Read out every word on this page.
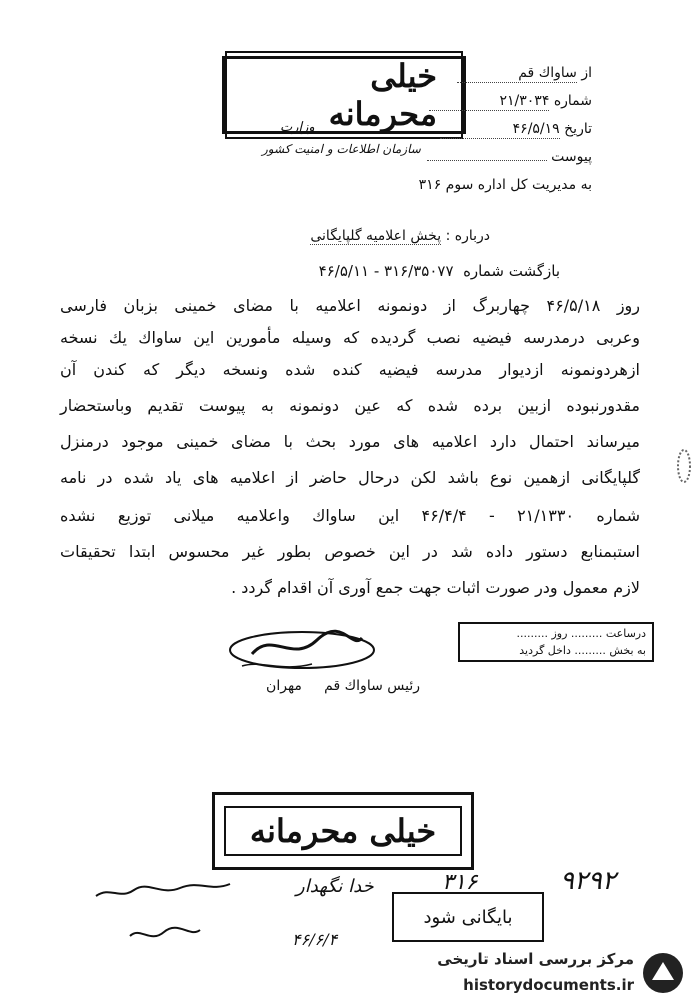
خيلى محرمانه
از ساواك قم
شماره ۲۱/۳۰۳۴
تاريخ ۴۶/۵/۱۹
پيوست
وزارت
سازمان اطلاعات و امنيت كشور
به مديريت كل اداره سوم ۳۱۶
درباره : پخش اعلاميه گلپايگانى
بازگشت شماره  ۳۱۶/۳۵۰۷۷ - ۴۶/۵/۱۱
روز ۴۶/۵/۱۸ چهاربرگ از دونمونه اعلاميه با مضاى خمينى بزبان فارسى
وعربى درمدرسه فيضيه نصب گرديده كه وسيله مأمورين اين ساواك يك نسخه
ازهردونمونه ازديوار مدرسه فيضيه كنده شده ونسخه ديگر كه كندن آن
مقدورنبوده ازبين برده شده كه عين دونمونه به پيوست تقديم وباستحضار
ميرساند احتمال دارد اعلاميه هاى مورد بحث با مضاى خمينى موجود درمنزل
گلپايگانى ازهمين نوع باشد لكن درحال حاضر از اعلاميه هاى ياد شده در نامه
شماره ۲۱/۱۳۳۰ - ۴۶/۴/۴ اين ساواك واعلاميه ميلانى توزيع نشده
استبمنابع دستور داده شد در اين خصوص بطور غير محسوس ابتدا تحقيقات
لازم معمول ودر صورت اثبات جهت جمع آورى آن اقدام گردد .
درساعت ......... روز .........
به بخش ......... داخل گرديد
رئيس ساواك قم     مهران
خيلى محرمانه
۹۲۹۲
۳۱۶
بايگانى شود
خدا نگهدار
۴۶/۶/۴
مركز بررسى اسناد تاريخى
historydocuments.ir
